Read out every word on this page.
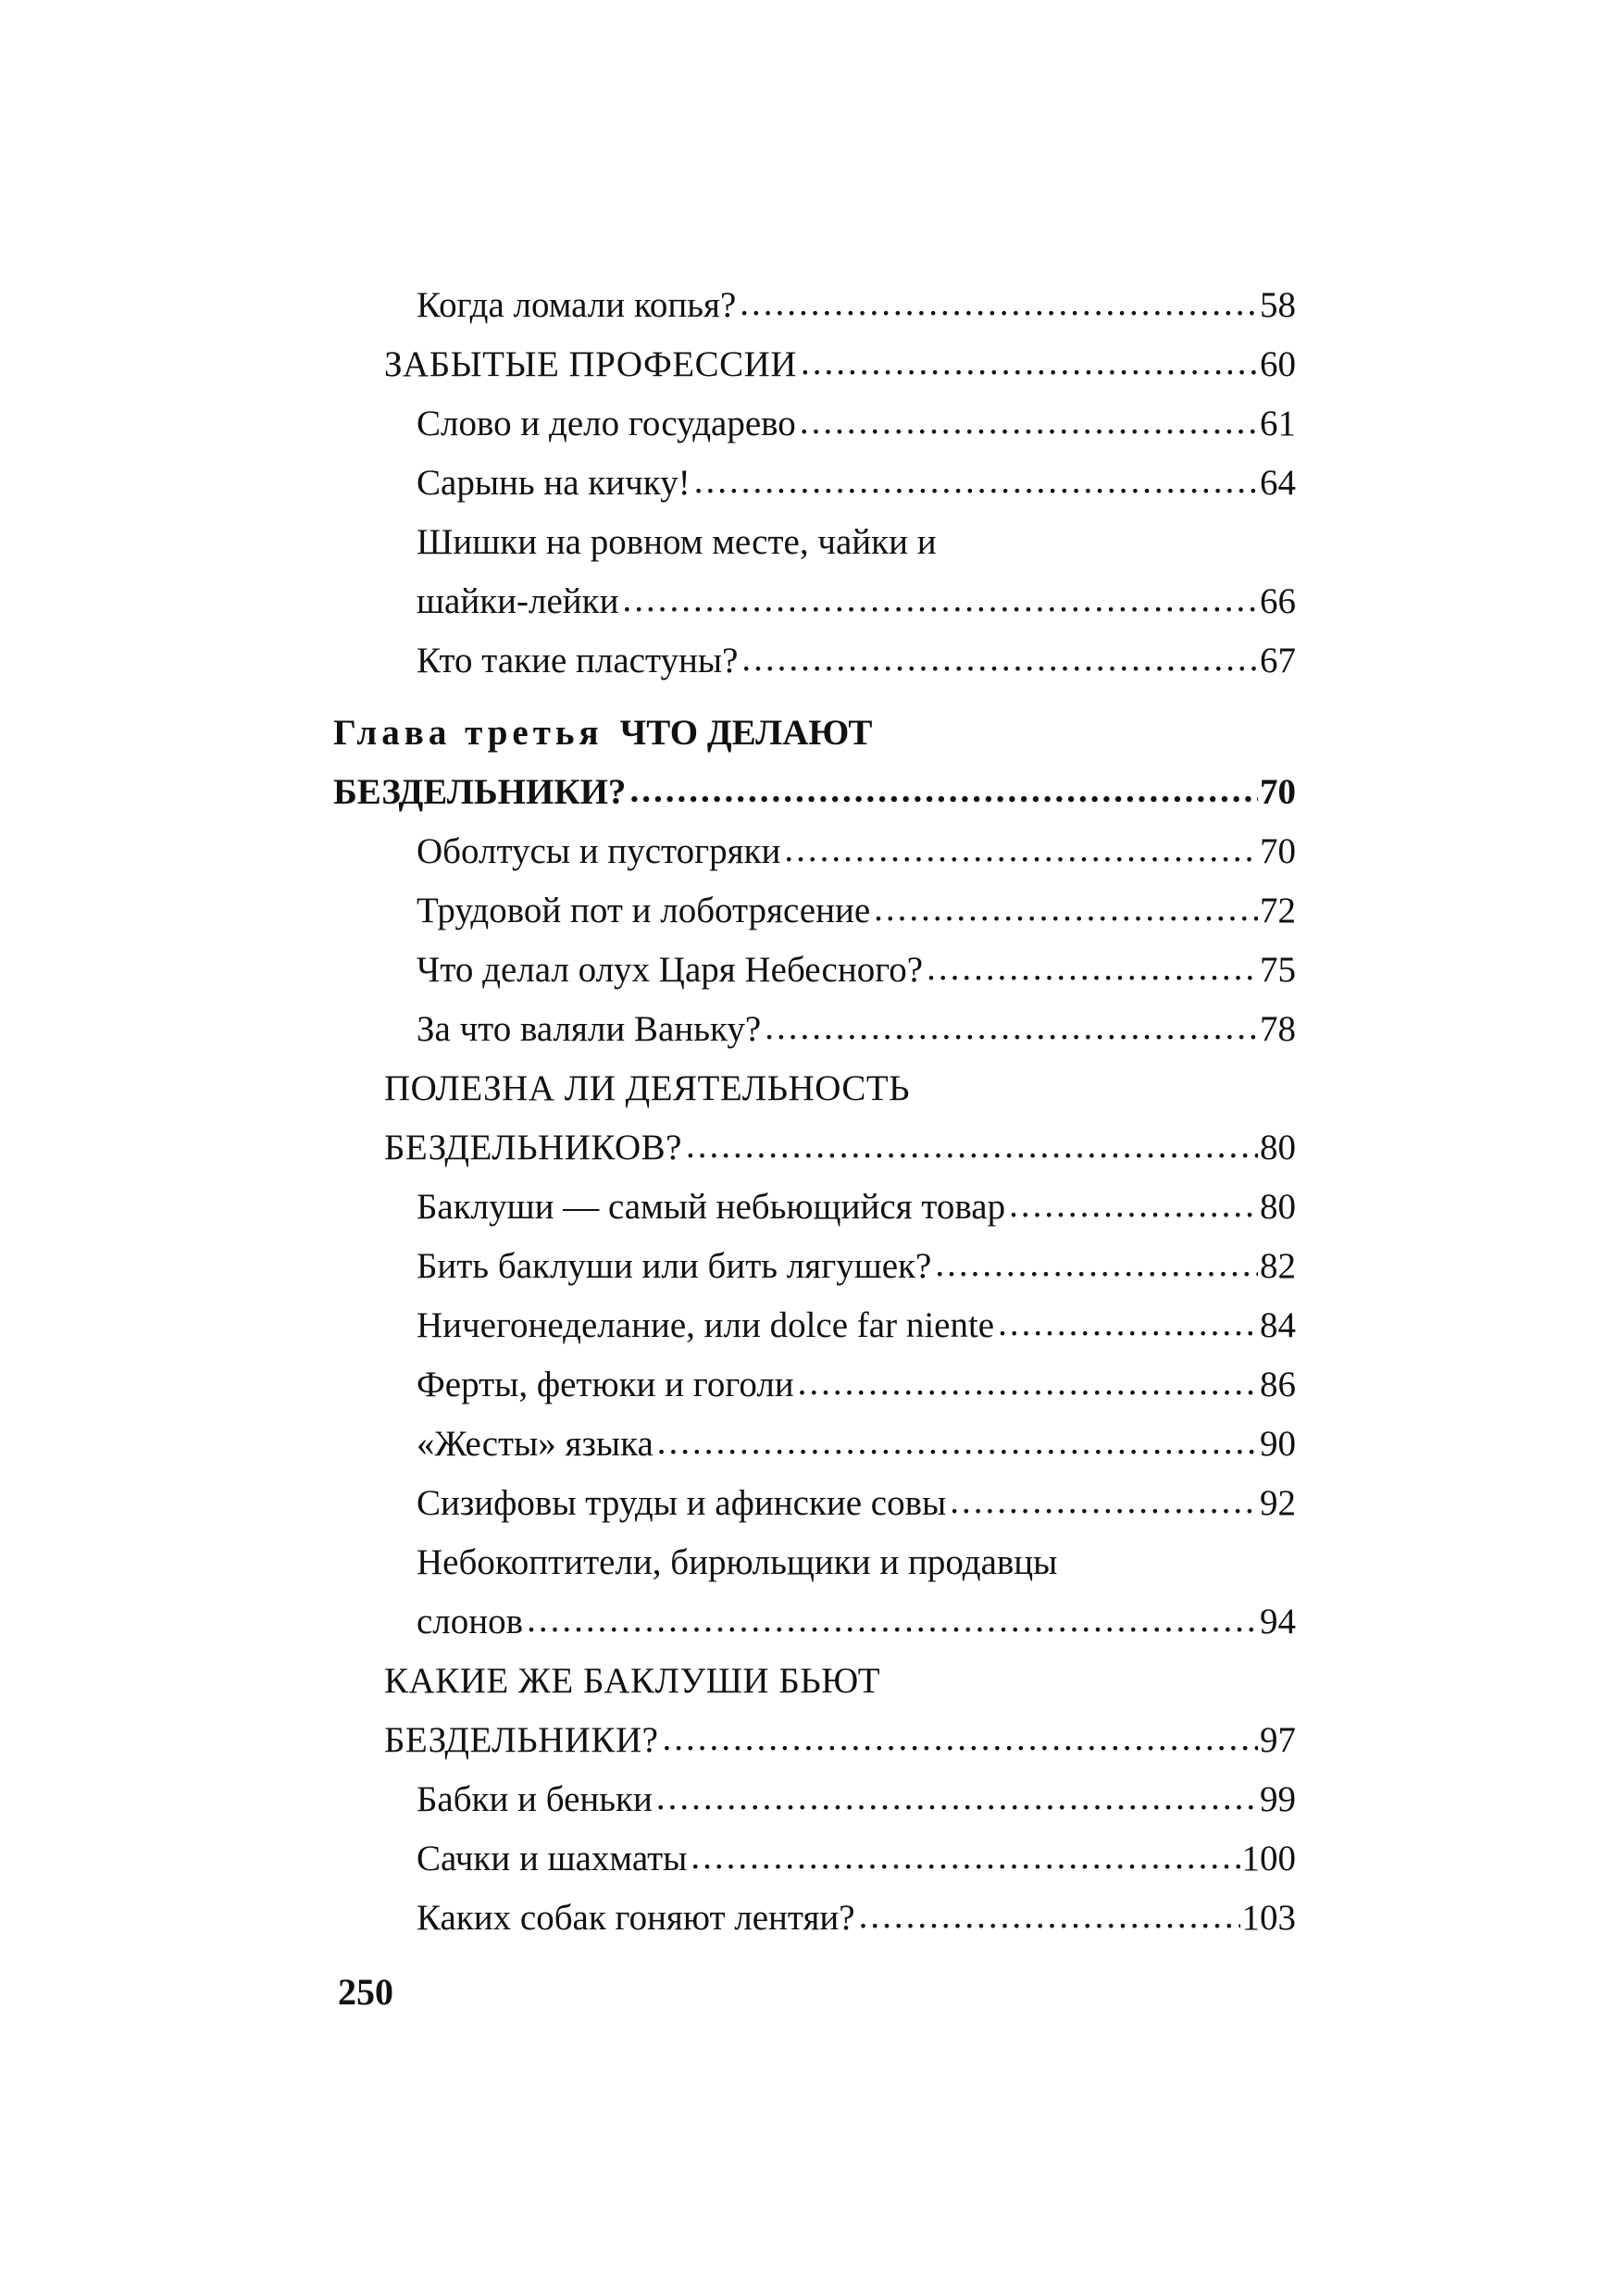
Когда ломали копья? .....	58
ЗАБЫТЫЕ ПРОФЕССИИ .....	60
Слово и дело государево .....	61
Сарынь на кичку! .....	64
Шишки на ровном месте, чайки и
шайки-лейки .....	66
Кто такие пластуны? .....	67
Глава третья ЧТО ДЕЛАЮТ
БЕЗДЕЛЬНИКИ? .....	70
Оболтусы и пустогряки .....	70
Трудовой пот и лоботрясение .....	72
Что делал олух Царя Небесного? .....	75
За что валяли Ваньку? .....	78
ПОЛЕЗНА ЛИ ДЕЯТЕЛЬНОСТЬ
БЕЗДЕЛЬНИКОВ? .....	80
Баклуши — самый небьющийся товар .....	80
Бить баклуши или бить лягушек? .....	82
Ничегонеделание, или dolce far niente .....	84
Ферты, фетюки и гоголи .....	86
«Жесты» языка .....	90
Сизифовы труды и афинские совы .....	92
Небокоптители, бирюльщики и продавцы
слонов .....	94
КАКИЕ ЖЕ БАКЛУШИ БЬЮТ
БЕЗДЕЛЬНИКИ? .....	97
Бабки и беньки .....	99
Сачки и шахматы .....	100
Каких собак гоняют лентяи? .....	103
250
